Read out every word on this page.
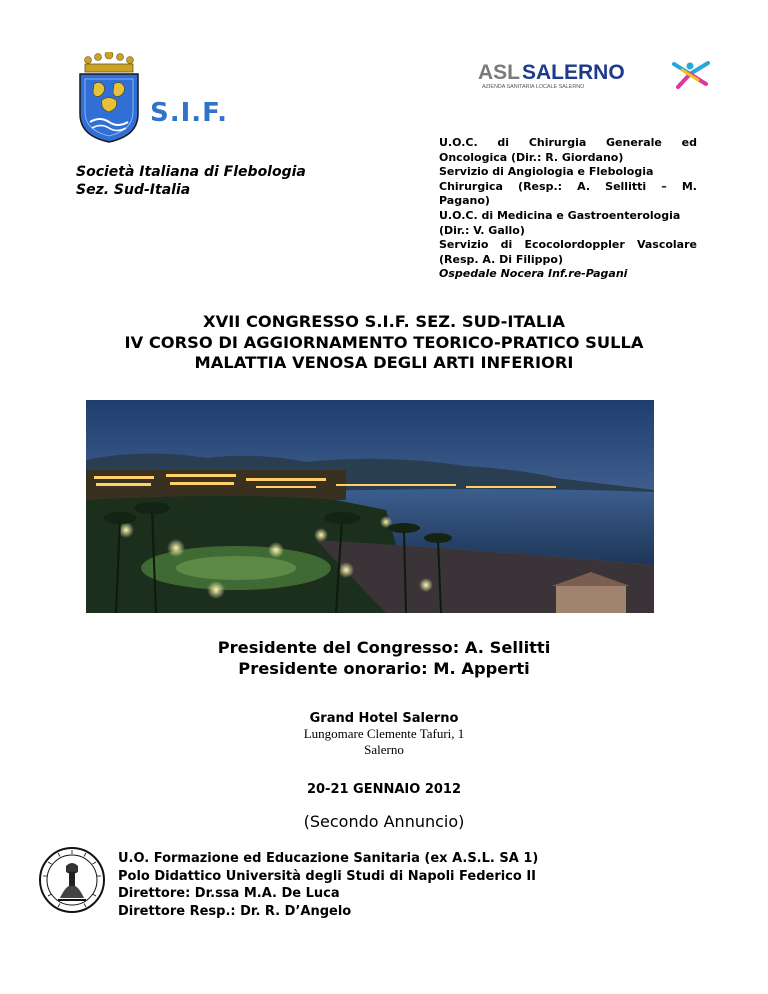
S.I.F.
Società Italiana di Flebologia
Sez. Sud-Italia
ASL SALERNO
AZIENDA SANITARIA LOCALE SALERNO
U.O.C. di Chirurgia Generale ed
Oncologica (Dir.: R. Giordano)
Servizio di Angiologia e Flebologia
Chirurgica (Resp.: A. Sellitti – M.
Pagano)
U.O.C. di Medicina e Gastroenterologia
(Dir.: V. Gallo)
Servizio di Ecocolordoppler Vascolare
(Resp. A. Di Filippo)
Ospedale Nocera Inf.re-Pagani
XVII CONGRESSO S.I.F. SEZ. SUD-ITALIA
IV CORSO DI AGGIORNAMENTO TEORICO-PRATICO SULLA
MALATTIA VENOSA DEGLI ARTI INFERIORI
Presidente del Congresso: A. Sellitti
Presidente onorario: M. Apperti
Grand Hotel Salerno
Lungomare Clemente Tafuri, 1
Salerno
20-21 GENNAIO 2012
(Secondo Annuncio)
U.O. Formazione ed Educazione Sanitaria (ex A.S.L. SA 1)
Polo Didattico Università degli Studi di Napoli Federico II
Direttore: Dr.ssa M.A. De Luca
Direttore Resp.: Dr. R. D’Angelo
